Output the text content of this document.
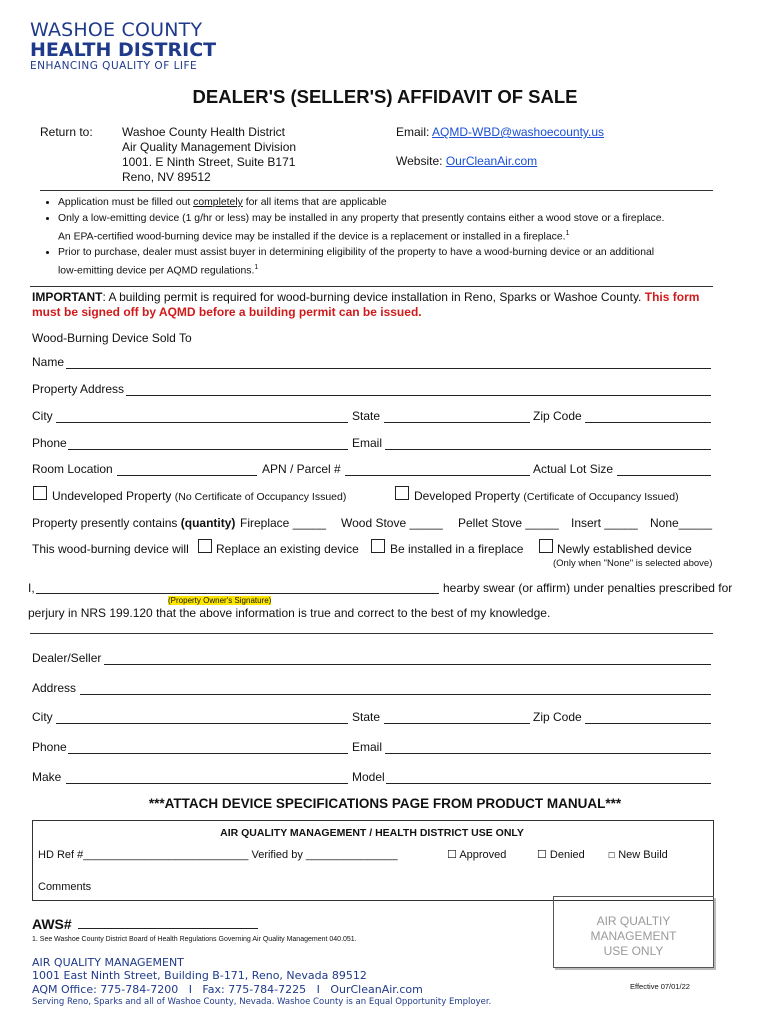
WASHOE COUNTY
HEALTH DISTRICT
ENHANCING QUALITY OF LIFE
DEALER'S (SELLER'S) AFFIDAVIT OF SALE
Return to: Washoe County Health District
Air Quality Management Division
1001. E Ninth Street, Suite B171
Reno, NV 89512
Email: AQMD-WBD@washoecounty.us
Website: OurCleanAir.com
• Application must be filled out completely for all items that are applicable
• Only a low-emitting device (1 g/hr or less) may be installed in any property that presently contains either a wood stove or a fireplace.
An EPA-certified wood-burning device may be installed if the device is a replacement or installed in a fireplace.$^1$
• Prior to purchase, dealer must assist buyer in determining eligibility of the property to have a wood-burning device or an additional
low-emitting device per AQMD regulations.$^1$
IMPORTANT: A building permit is required for wood-burning device installation in Reno, Sparks or Washoe County. This form
must be signed off by AQMD before a building permit can be issued.
Wood-Burning Device Sold To
Name
Property Address
City	State	Zip Code
Phone	Email
Room Location	APN / Parcel #	Actual Lot Size
Undeveloped Property (No Certificate of Occupancy Issued)	Developed Property (Certificate of Occupancy Issued)
Property presently contains (quantity) Fireplace _____ Wood Stove _____ Pellet Stove _____ Insert _____ None_____
This wood-burning device will Replace an existing device	Be installed in a fireplace	Newly established device
(Only when "None" is selected above)
I,
(Property Owner's Signature)
hearby swear (or affirm) under penalties prescribed for
perjury in NRS 199.120 that the above information is true and correct to the best of my knowledge.
Dealer/Seller
Address
City	State	Zip Code
Phone	Email
Make	Model
***ATTACH DEVICE SPECIFICATIONS PAGE FROM PRODUCT MANUAL***
AIR QUALITY MANAGEMENT / HEALTH DISTRICT USE ONLY
HD Ref #___________________________ Verified by _______________	☐ Approved	☐ Denied	☐ New Build
Comments
AWS#
1. See Washoe County District Board of Health Regulations Governing Air Quality Management 040.051.
AIR QUALTIY
MANAGEMENT
USE ONLY
AIR QUALITY MANAGEMENT
1001 East Ninth Street, Building B-171, Reno, Nevada 89512
AQM Office: 775-784-7200   I   Fax: 775-784-7225   I   OurCleanAir.com
Serving Reno, Sparks and all of Washoe County, Nevada. Washoe County is an Equal Opportunity Employer.
Effective 07/01/22
